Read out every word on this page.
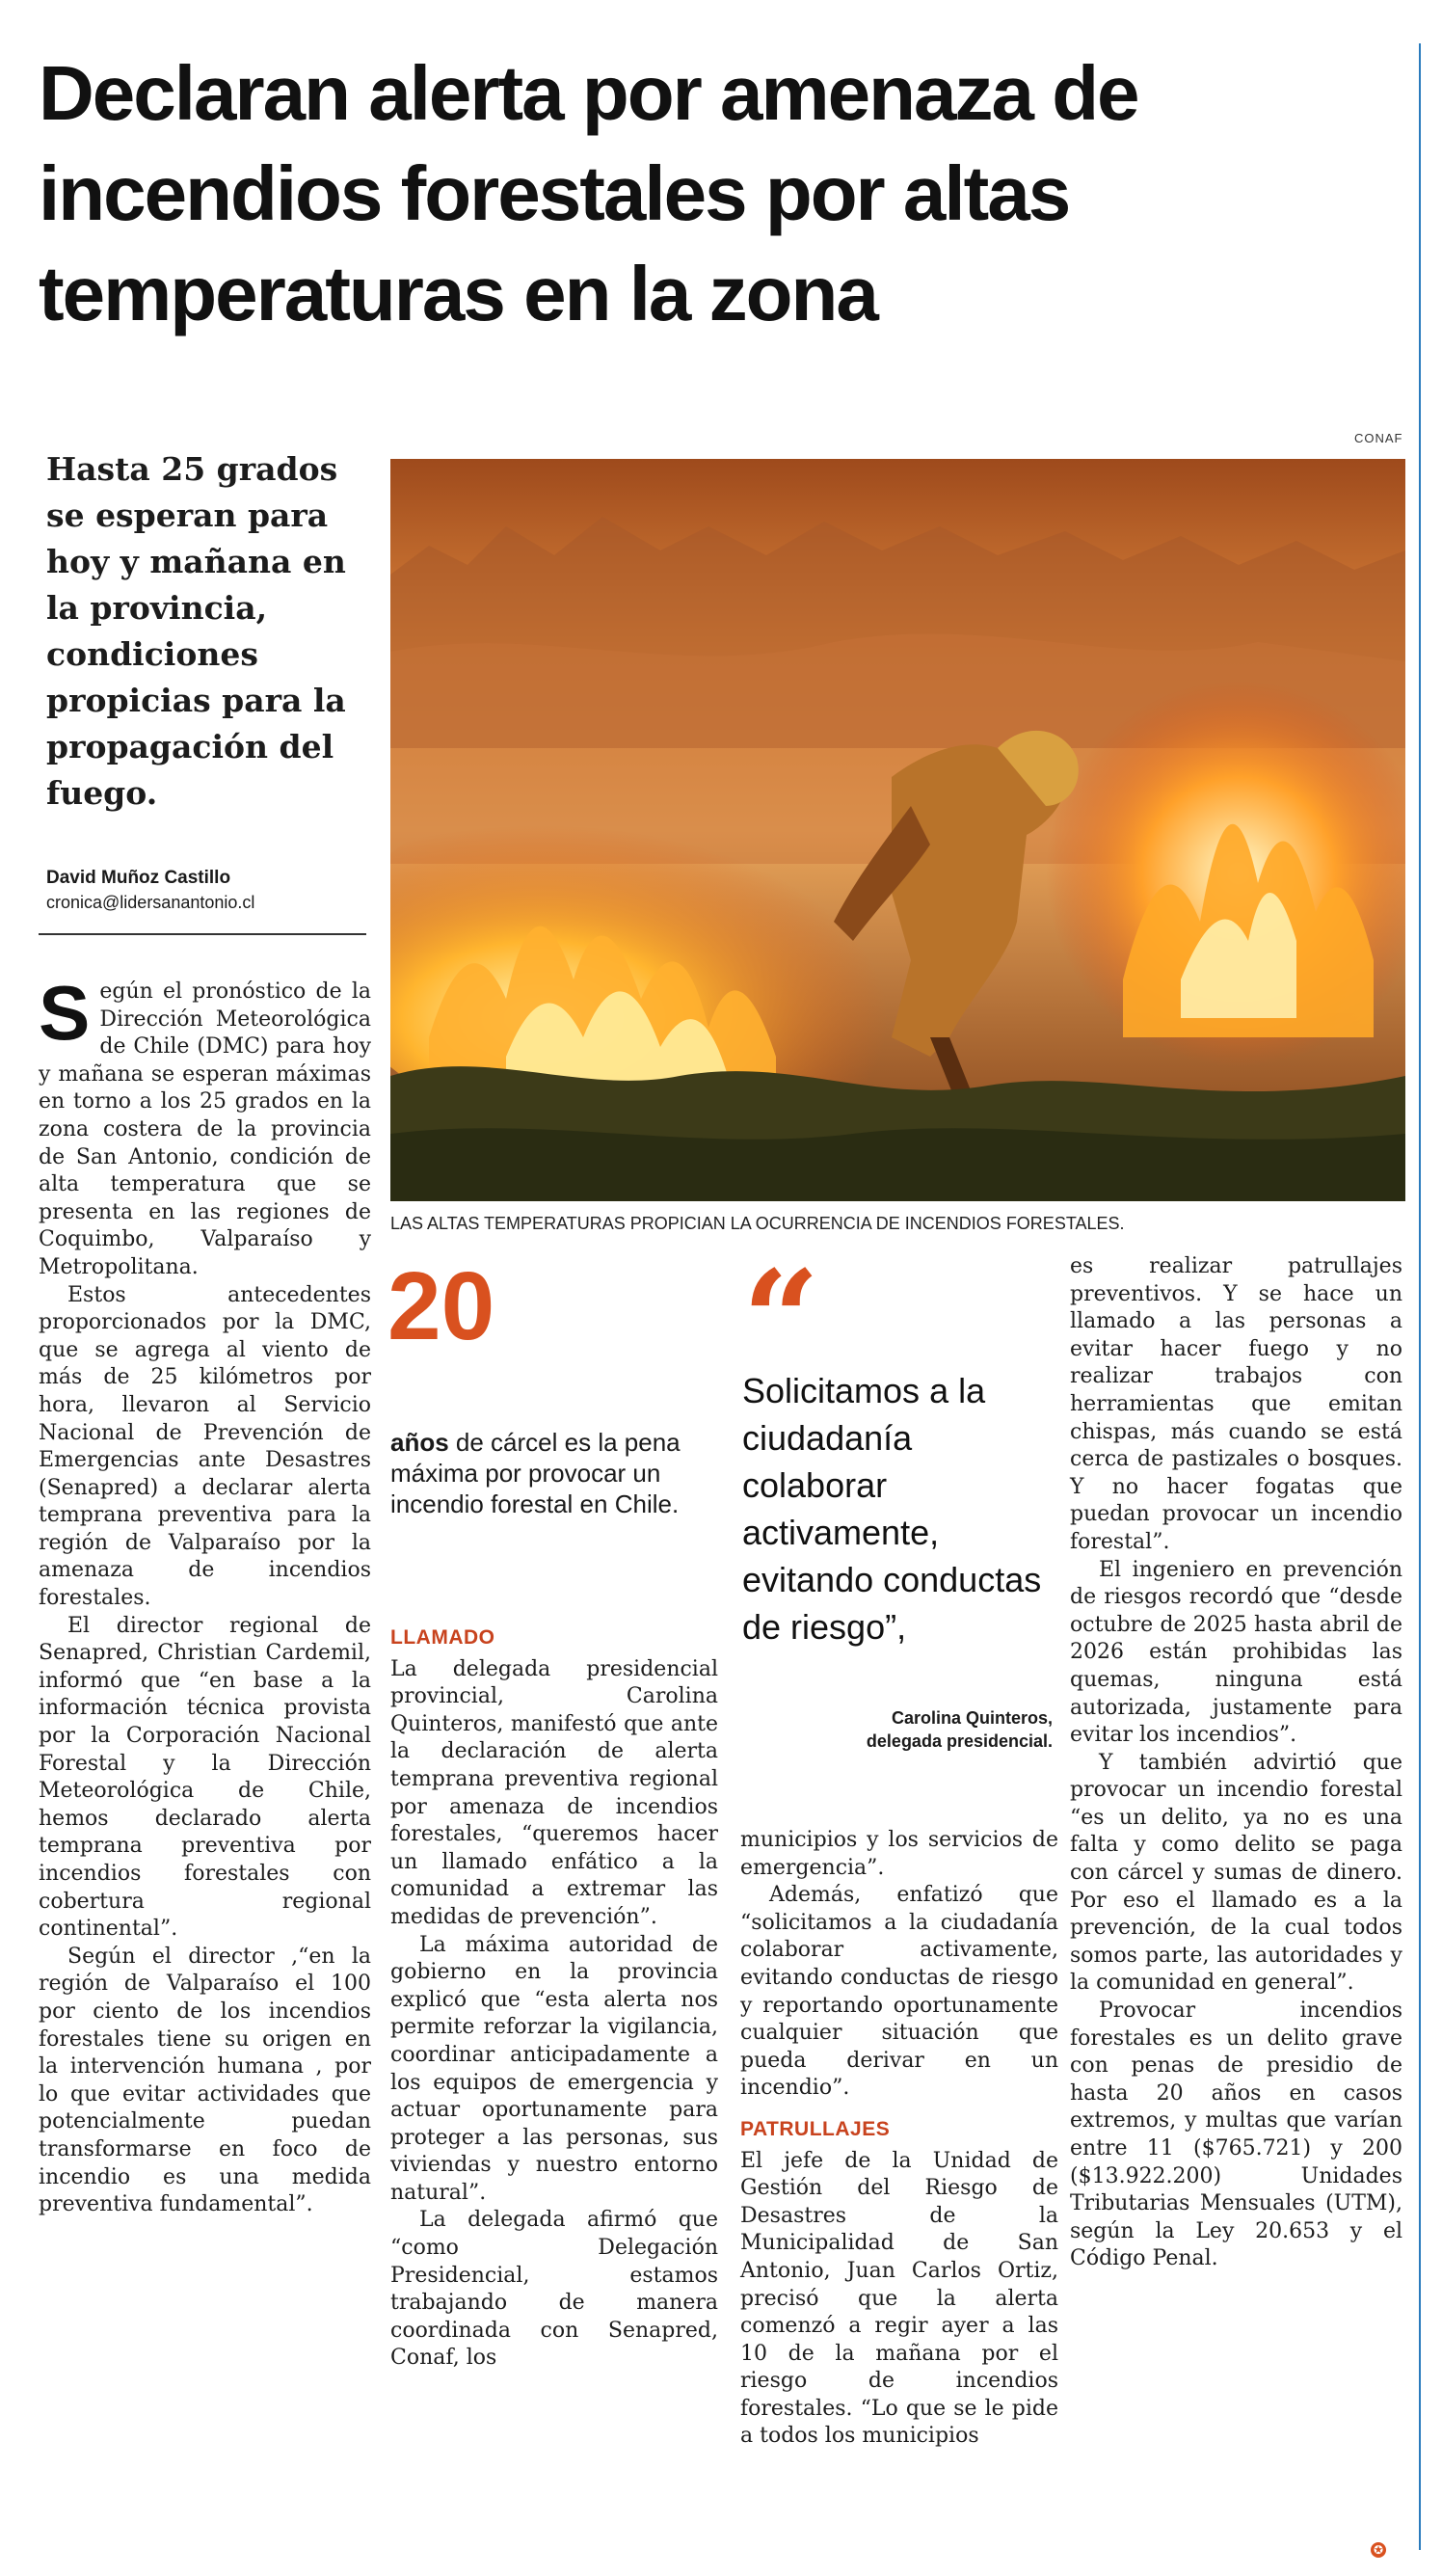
Declaran alerta por amenaza de incendios forestales por altas temperaturas en la zona

Hasta 25 grados se esperan para hoy y mañana en la provincia, condiciones propicias para la propagación del fuego.

David Muñoz Castillo
cronica@lidersanantonio.cl
CONAF
LAS ALTAS TEMPERATURAS PROPICIAN LA OCURRENCIA DE INCENDIOS FORESTALES.
S egún el pronóstico de la Dirección Meteorológica de Chile (DMC) para hoy y mañana se esperan máximas en torno a los 25 grados en la zona costera de la provincia de San Antonio, condición de alta temperatura que se presenta en las regiones de Coquimbo, Valparaíso y Metropolitana.

Estos antecedentes proporcionados por la DMC, que se agrega al viento de más de 25 kilómetros por hora, llevaron al Servicio Nacional de Prevención de Emergencias ante Desastres (Senapred) a declarar alerta temprana preventiva para la región de Valparaíso por la amenaza de incendios forestales.

El director regional de Senapred, Christian Cardemil, informó que “en base a la información técnica provista por la Corporación Nacional Forestal y la Dirección Meteorológica de Chile, hemos declarado alerta temprana preventiva por incendios forestales con cobertura regional continental”.

Según el director ,“en la región de Valparaíso el 100 por ciento de los incendios forestales tiene su origen en la intervención humana , por lo que evitar actividades que potencialmente puedan transformarse en foco de incendio es una medida preventiva fundamental”.

20
años de cárcel es la pena máxima por provocar un incendio forestal en Chile.
LLAMADO

La delegada presidencial provincial, Carolina Quinteros, manifestó que ante la declaración de alerta temprana preventiva regional por amenaza de incendios forestales, “queremos hacer un llamado enfático a la comunidad a extremar las medidas de prevención”.

La máxima autoridad de gobierno en la provincia explicó que “esta alerta nos permite reforzar la vigilancia, coordinar anticipadamente a los equipos de emergencia y actuar oportunamente para proteger a las personas, sus viviendas y nuestro entorno natural”.

La delegada afirmó que “como Delegación Presidencial, estamos trabajando de manera coordinada con Senapred, Conaf, los

“

Solicitamos a la ciudadanía colaborar activamente, evitando conductas de riesgo”,

Carolina Quinteros,
delegada presidencial.

municipios y los servicios de emergencia”.

Además, enfatizó que “solicitamos a la ciudadanía colaborar activamente, evitando conductas de riesgo y reportando oportunamente cualquier situación que pueda derivar en un incendio”.

PATRULLAJES

El jefe de la Unidad de Gestión del Riesgo de Desastres de la Municipalidad de San Antonio, Juan Carlos Ortiz, precisó que la alerta comenzó a regir ayer a las 10 de la mañana por el riesgo de incendios forestales. “Lo que se le pide a todos los municipios

es realizar patrullajes preventivos. Y se hace un llamado a las personas a evitar hacer fuego y no realizar trabajos con herramientas que emitan chispas, más cuando se está cerca de pastizales o bosques. Y no hacer fogatas que puedan provocar un incendio forestal”.

El ingeniero en prevención de riesgos recordó que “desde octubre de 2025 hasta abril de 2026 están prohibidas las quemas, ninguna está autorizada, justamente para evitar los incendios”.

Y también advirtió que provocar un incendio forestal “es un delito, ya no es una falta y como delito se paga con cárcel y sumas de dinero. Por eso el llamado es a la prevención, de la cual todos somos parte, las autoridades y la comunidad en general”.

Provocar incendios forestales es un delito grave con penas de presidio de hasta 20 años en casos extremos, y multas que varían entre 11 ($765.721) y 200 ($13.922.200) Unidades Tributarias Mensuales (UTM), según la Ley 20.653 y el Código Penal.

✪
